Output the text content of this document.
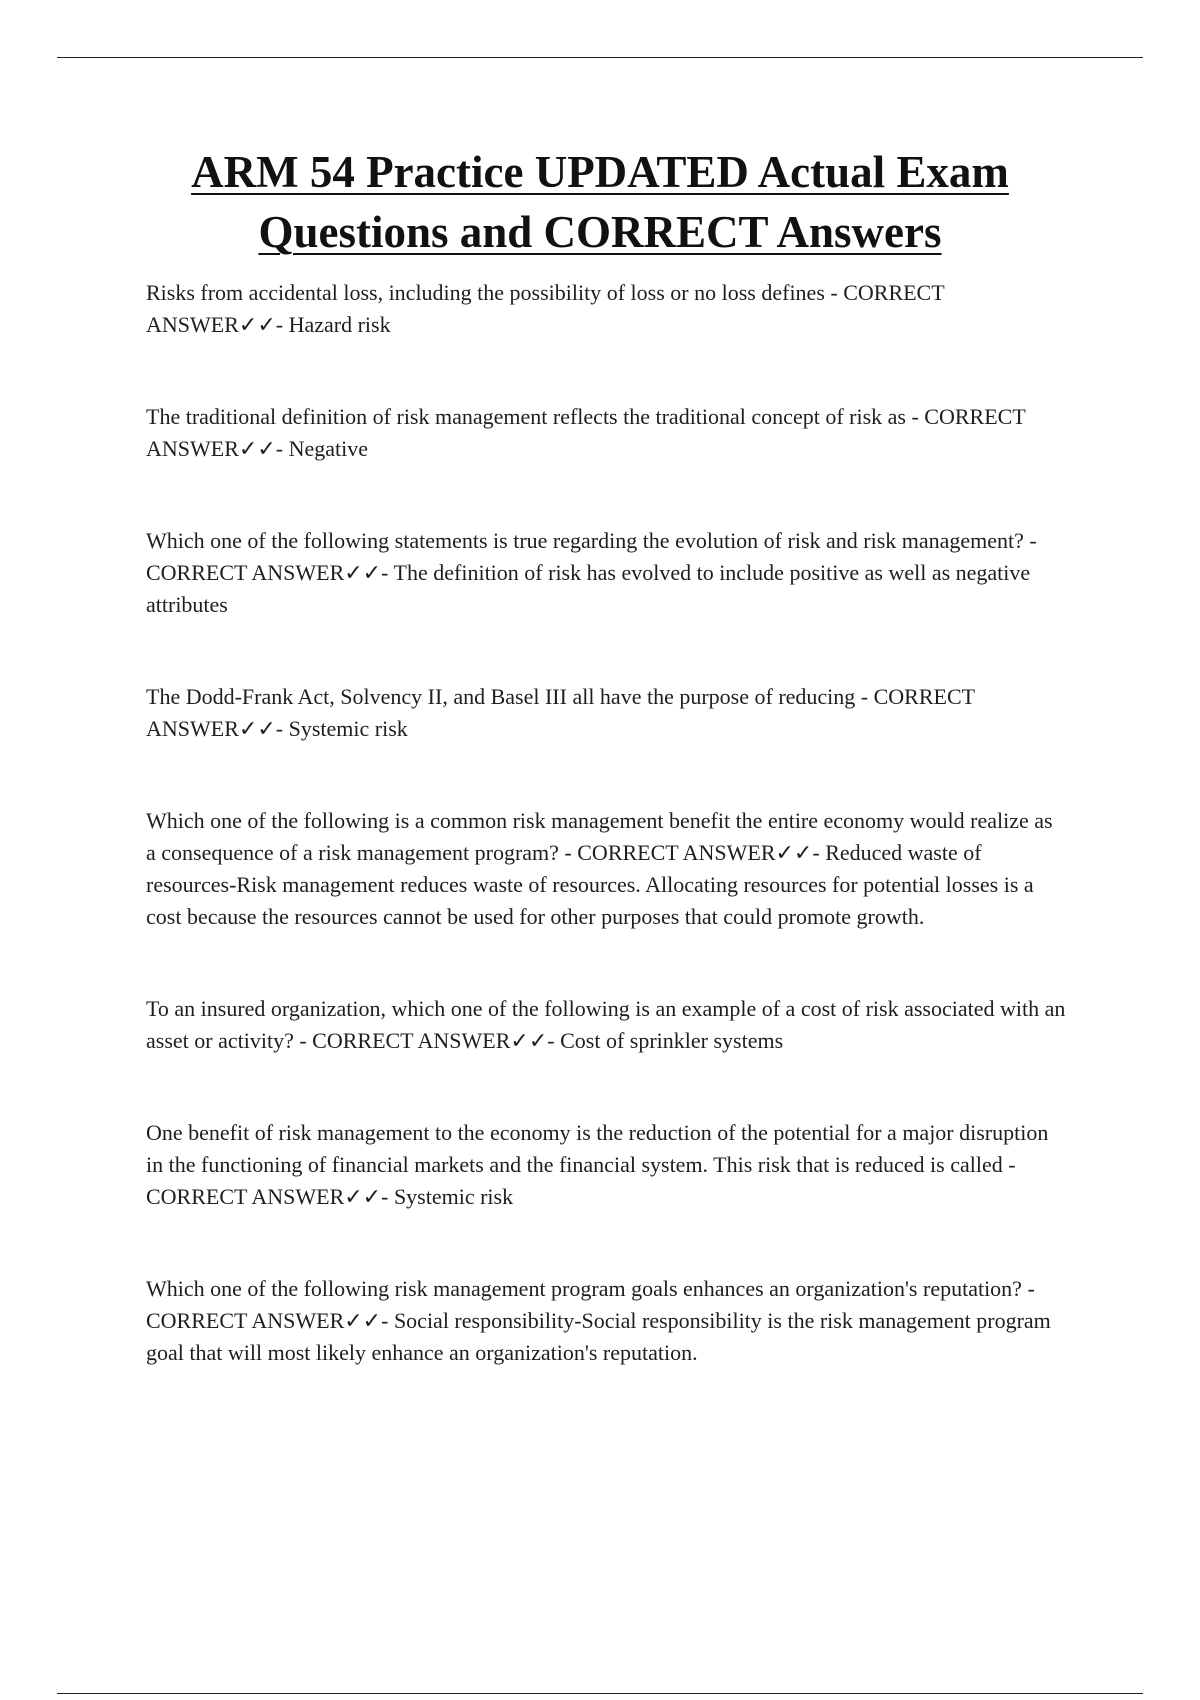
ARM 54 Practice UPDATED Actual Exam Questions and CORRECT Answers

Risks from accidental loss, including the possibility of loss or no loss defines - CORRECT ANSWER✓✓- Hazard risk

The traditional definition of risk management reflects the traditional concept of risk as - CORRECT ANSWER✓✓- Negative

Which one of the following statements is true regarding the evolution of risk and risk management? - CORRECT ANSWER✓✓- The definition of risk has evolved to include positive as well as negative attributes

The Dodd-Frank Act, Solvency II, and Basel III all have the purpose of reducing - CORRECT ANSWER✓✓- Systemic risk

Which one of the following is a common risk management benefit the entire economy would realize as a consequence of a risk management program? - CORRECT ANSWER✓✓- Reduced waste of resources-Risk management reduces waste of resources. Allocating resources for potential losses is a cost because the resources cannot be used for other purposes that could promote growth.

To an insured organization, which one of the following is an example of a cost of risk associated with an asset or activity? - CORRECT ANSWER✓✓- Cost of sprinkler systems

One benefit of risk management to the economy is the reduction of the potential for a major disruption in the functioning of financial markets and the financial system. This risk that is reduced is called - CORRECT ANSWER✓✓- Systemic risk

Which one of the following risk management program goals enhances an organization's reputation? - CORRECT ANSWER✓✓- Social responsibility-Social responsibility is the risk management program goal that will most likely enhance an organization's reputation.
